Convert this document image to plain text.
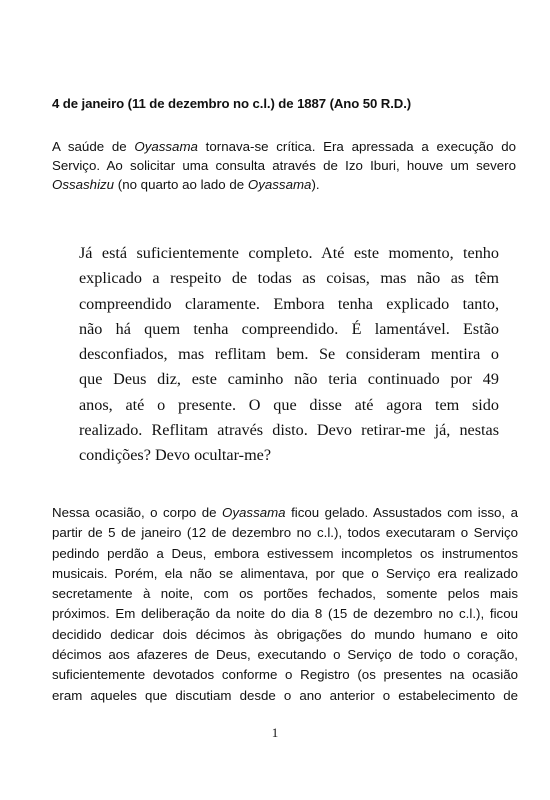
4 de janeiro (11 de dezembro no c.l.) de 1887 (Ano 50 R.D.)
A saúde de Oyassama tornava-se crítica. Era apressada a execução do
Serviço. Ao solicitar uma consulta através de Izo Iburi, houve um severo
Ossashizu (no quarto ao lado de Oyassama).
Já está suficientemente completo. Até este momento, tenho
explicado a respeito de todas as coisas, mas não as têm
compreendido claramente. Embora tenha explicado tanto,
não há quem tenha compreendido. É lamentável. Estão
desconfiados, mas reflitam bem. Se consideram mentira o
que Deus diz, este caminho não teria continuado por 49
anos, até o presente. O que disse até agora tem sido
realizado. Reflitam através disto. Devo retirar-me já, nestas
condições? Devo ocultar-me?
Nessa ocasião, o corpo de Oyassama ficou gelado. Assustados com isso, a
partir de 5 de janeiro (12 de dezembro no c.l.), todos executaram o Serviço
pedindo perdão a Deus, embora estivessem incompletos os instrumentos
musicais. Porém, ela não se alimentava, por que o Serviço era realizado
secretamente à noite, com os portões fechados, somente pelos mais
próximos. Em deliberação da noite do dia 8 (15 de dezembro no c.l.), ficou
decidido dedicar dois décimos às obrigações do mundo humano e oito
décimos aos afazeres de Deus, executando o Serviço de todo o coração,
suficientemente devotados conforme o Registro (os presentes na ocasião
eram aqueles que discutiam desde o ano anterior o estabelecimento de
1
